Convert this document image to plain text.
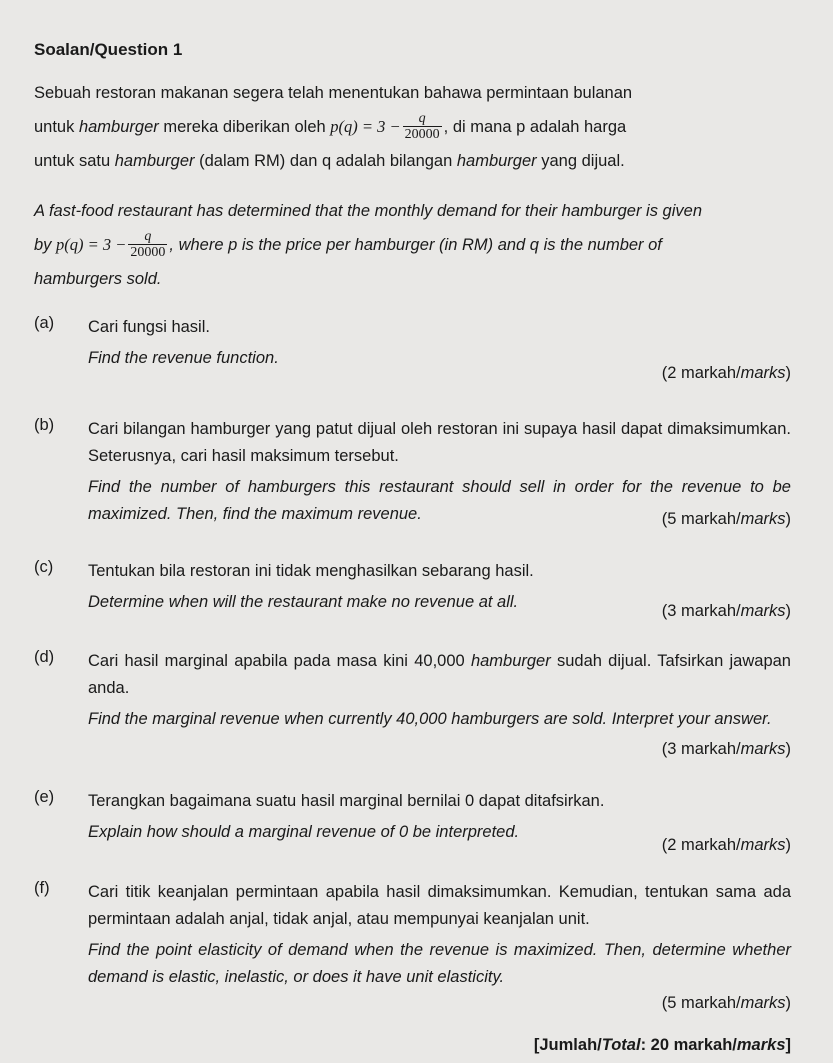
Soalan/Question 1
Sebuah restoran makanan segera telah menentukan bahawa permintaan bulanan
untuk hamburger mereka diberikan oleh $p(q) = 3 - \frac{q}{20000}$ , di mana p adalah harga
untuk satu hamburger (dalam RM) dan q adalah bilangan hamburger yang dijual.
A fast-food restaurant has determined that the monthly demand for their hamburger is given
by $p(q) = 3 - \frac{q}{20000}$ , where p is the price per hamburger (in RM) and q is the number of
hamburgers sold.
(a) Cari fungsi hasil.
Find the revenue function.
(2 markah/marks)
(b) Cari bilangan hamburger yang patut dijual oleh restoran ini supaya hasil dapat dimaksimumkan. Seterusnya, cari hasil maksimum tersebut.
Find the number of hamburgers this restaurant should sell in order for the revenue to be maximized. Then, find the maximum revenue.	(5 markah/marks)
(c) Tentukan bila restoran ini tidak menghasilkan sebarang hasil.
Determine when will the restaurant make no revenue at all.	(3 markah/marks)
(d) Cari hasil marginal apabila pada masa kini 40,000 hamburger sudah dijual. Tafsirkan jawapan anda.
Find the marginal revenue when currently 40,000 hamburgers are sold. Interpret your answer.
(3 markah/marks)
(e) Terangkan bagaimana suatu hasil marginal bernilai 0 dapat ditafsirkan.
Explain how should a marginal revenue of 0 be interpreted.
(2 markah/marks)
(f) Cari titik keanjalan permintaan apabila hasil dimaksimumkan. Kemudian, tentukan sama ada permintaan adalah anjal, tidak anjal, atau mempunyai keanjalan unit.
Find the point elasticity of demand when the revenue is maximized. Then, determine whether demand is elastic, inelastic, or does it have unit elasticity.
(5 markah/marks)
[Jumlah/Total: 20 markah/marks]
